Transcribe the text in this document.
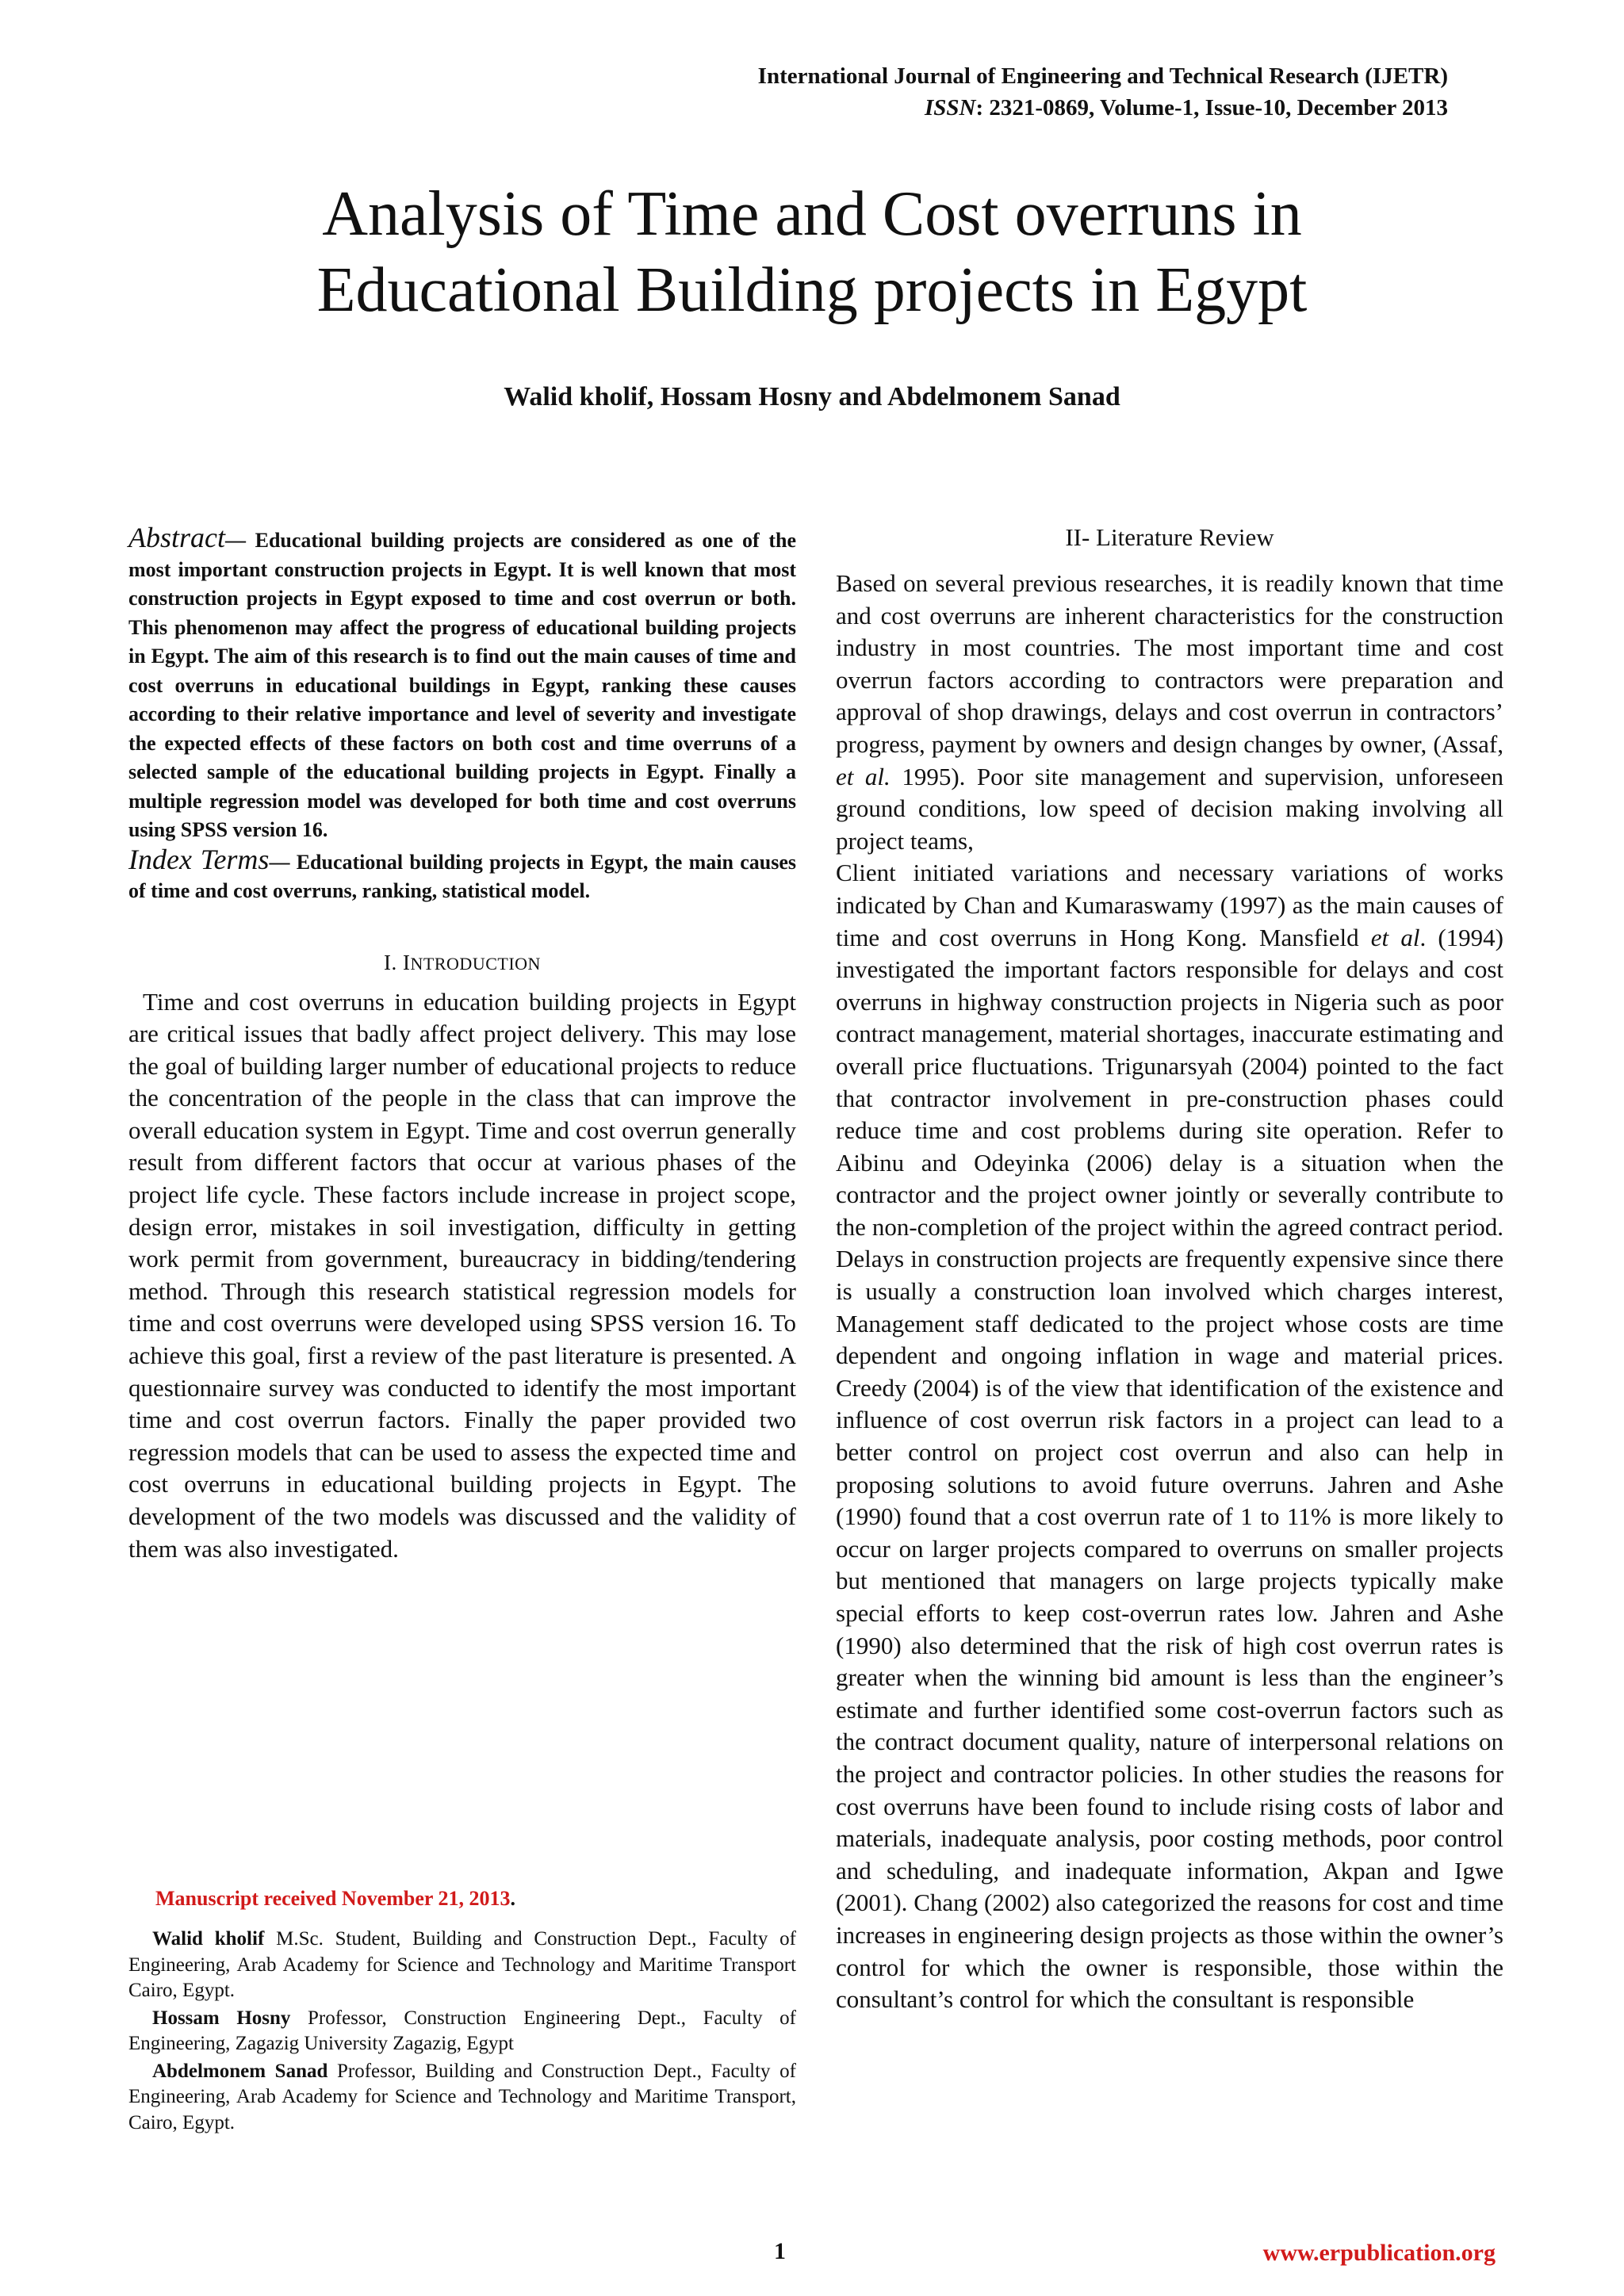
International Journal of Engineering and Technical Research (IJETR)
ISSN: 2321-0869, Volume-1, Issue-10, December 2013
Analysis of Time and Cost overruns in
Educational Building projects in Egypt
Walid kholif, Hossam Hosny and Abdelmonem Sanad

Abstract— Educational building projects are considered as one of the most important construction projects in Egypt. It is well known that most construction projects in Egypt exposed to time and cost overrun or both. This phenomenon may affect the progress of educational building projects in Egypt. The aim of this research is to find out the main causes of time and cost overruns in educational buildings in Egypt, ranking these causes according to their relative importance and level of severity and investigate the expected effects of these factors on both cost and time overruns of a selected sample of the educational building projects in Egypt. Finally a multiple regression model was developed for both time and cost overruns using SPSS version 16.

Index Terms— Educational building projects in Egypt, the main causes of time and cost overruns, ranking, statistical model.

I. INTRODUCTION

Time and cost overruns in education building projects in Egypt are critical issues that badly affect project delivery. This may lose the goal of building larger number of educational projects to reduce the concentration of the people in the class that can improve the overall education system in Egypt. Time and cost overrun generally result from different factors that occur at various phases of the project life cycle. These factors include increase in project scope, design error, mistakes in soil investigation, difficulty in getting work permit from government, bureaucracy in bidding/tendering method. Through this research statistical regression models for time and cost overruns were developed using SPSS version 16. To achieve this goal, first a review of the past literature is presented. A questionnaire survey was conducted to identify the most important time and cost overrun factors. Finally the paper provided two regression models that can be used to assess the expected time and cost overruns in educational building projects in Egypt. The development of the two models was discussed and the validity of them was also investigated.

II- Literature Review

Based on several previous researches, it is readily known that time and cost overruns are inherent characteristics for the construction industry in most countries. The most important time and cost overrun factors according to contractors were preparation and approval of shop drawings, delays and cost overrun in contractors’ progress, payment by owners and design changes by owner, (Assaf, et al. 1995). Poor site management and supervision, unforeseen ground conditions, low speed of decision making involving all project teams,

Client initiated variations and necessary variations of works indicated by Chan and Kumaraswamy (1997) as the main causes of time and cost overruns in Hong Kong. Mansfield et al. (1994) investigated the important factors responsible for delays and cost overruns in highway construction projects in Nigeria such as poor contract management, material shortages, inaccurate estimating and overall price fluctuations. Trigunarsyah (2004) pointed to the fact that contractor involvement in pre-construction phases could reduce time and cost problems during site operation. Refer to Aibinu and Odeyinka (2006) delay is a situation when the contractor and the project owner jointly or severally contribute to the non-completion of the project within the agreed contract period. Delays in construction projects are frequently expensive since there is usually a construction loan involved which charges interest, Management staff dedicated to the project whose costs are time dependent and ongoing inflation in wage and material prices. Creedy (2004) is of the view that identification of the existence and influence of cost overrun risk factors in a project can lead to a better control on project cost overrun and also can help in proposing solutions to avoid future overruns. Jahren and Ashe (1990) found that a cost overrun rate of 1 to 11% is more likely to occur on larger projects compared to overruns on smaller projects but mentioned that managers on large projects typically make special efforts to keep cost-overrun rates low. Jahren and Ashe (1990) also determined that the risk of high cost overrun rates is greater when the winning bid amount is less than the engineer’s estimate and further identified some cost-overrun factors such as the contract document quality, nature of interpersonal relations on the project and contractor policies. In other studies the reasons for cost overruns have been found to include rising costs of labor and materials, inadequate analysis, poor costing methods, poor control and scheduling, and inadequate information, Akpan and Igwe (2001). Chang (2002) also categorized the reasons for cost and time increases in engineering design projects as those within the owner’s control for which the owner is responsible, those within the consultant’s control for which the consultant is responsible

Manuscript received November 21, 2013.

Walid kholif M.Sc. Student, Building and Construction Dept., Faculty of Engineering, Arab Academy for Science and Technology and Maritime Transport Cairo, Egypt.

Hossam Hosny Professor, Construction Engineering Dept., Faculty of Engineering, Zagazig University Zagazig, Egypt

Abdelmonem Sanad Professor, Building and Construction Dept., Faculty of Engineering, Arab Academy for Science and Technology and Maritime Transport, Cairo, Egypt.

1	www.erpublication.org
